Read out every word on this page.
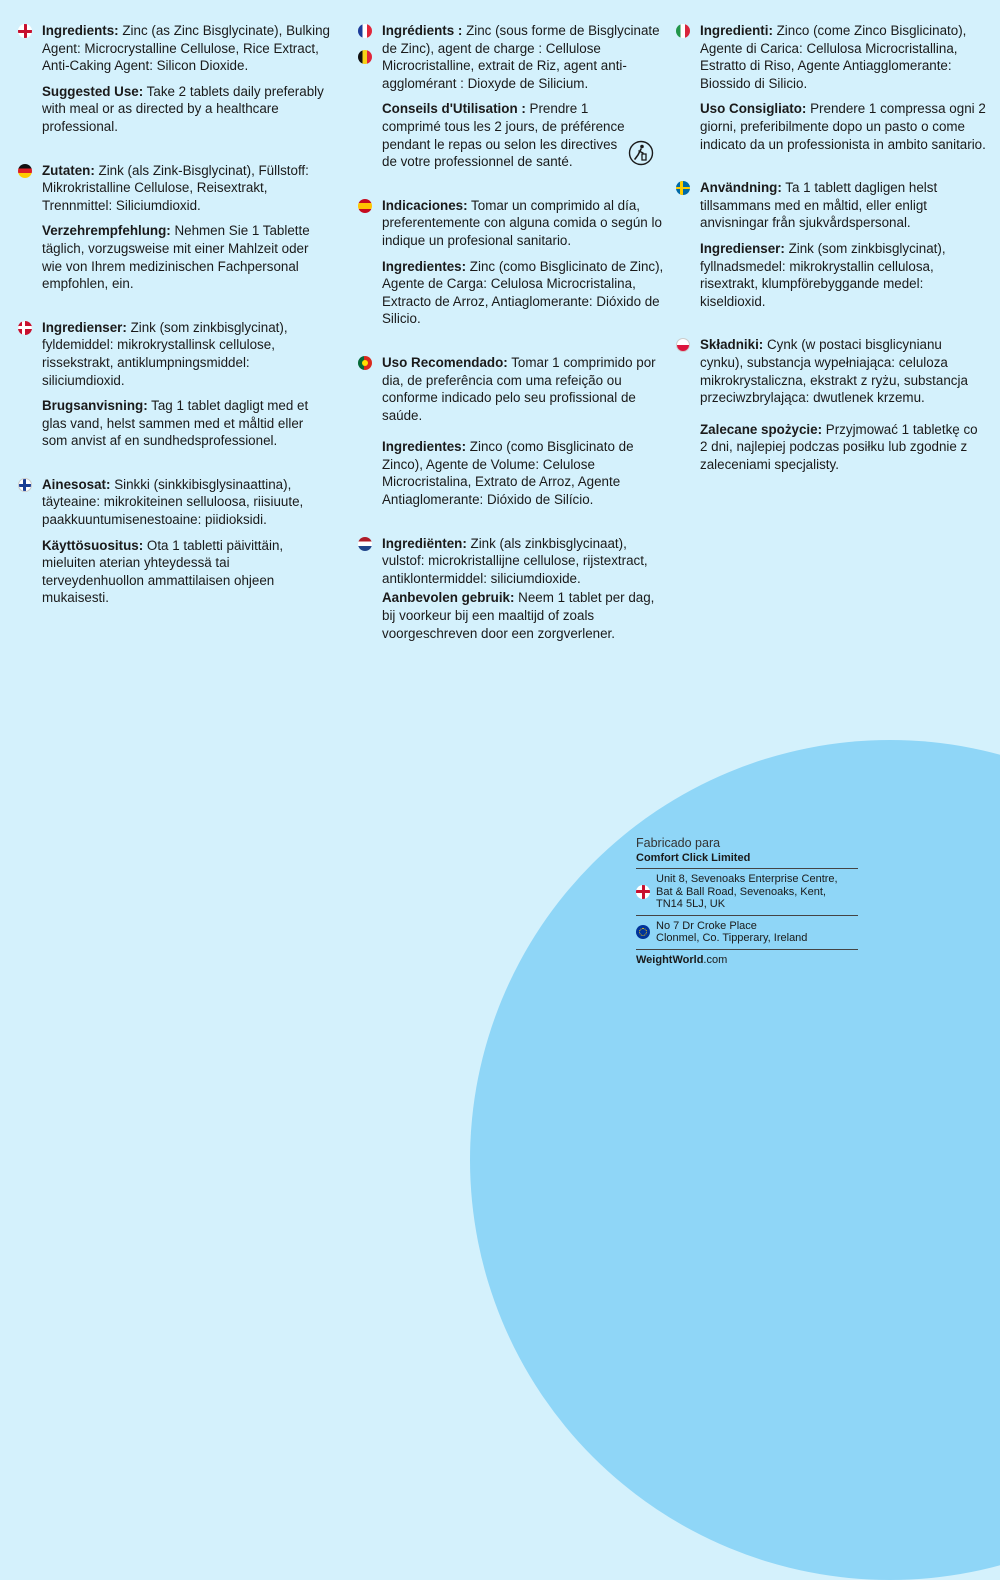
Ingredients: Zinc (as Zinc Bisglycinate), Bulking Agent: Microcrystalline Cellulose, Rice Extract, Anti-Caking Agent: Silicon Dioxide.

Suggested Use: Take 2 tablets daily preferably with meal or as directed by a healthcare professional.

Zutaten: Zink (als Zink-Bisglycinat), Füllstoff: Mikrokristalline Cellulose, Reisextrakt, Trennmittel: Siliciumdioxid.

Verzehrempfehlung: Nehmen Sie 1 Tablette täglich, vorzugsweise mit einer Mahlzeit oder wie von Ihrem medizinischen Fachpersonal empfohlen, ein.

Ingredienser: Zink (som zinkbisglycinat), fyldemiddel: mikrokrystallinsk cellulose, rissekstrakt, antiklumpningsmiddel: siliciumdioxid.

Brugsanvisning: Tag 1 tablet dagligt med et glas vand, helst sammen med et måltid eller som anvist af en sundhedsprofessionel.

Ainesosat: Sinkki (sinkkibisglysinaattina), täyteaine: mikrokiteinen selluloosa, riisiuute, paakkuuntumisenestoaine: piidioksidi.

Käyttösuositus: Ota 1 tabletti päivittäin, mieluiten aterian yhteydessä tai terveydenhuollon ammattilaisen ohjeen mukaisesti.

Ingrédients : Zinc (sous forme de Bisglycinate de Zinc), agent de charge : Cellulose Microcristalline, extrait de Riz, agent anti-agglomérant : Dioxyde de Silicium.

Conseils d'Utilisation : Prendre 1 comprimé tous les 2 jours, de préférence pendant le repas ou selon les directives de votre professionnel de santé.

Indicaciones: Tomar un comprimido al día, preferentemente con alguna comida o según lo indique un profesional sanitario.

Ingredientes: Zinc (como Bisglicinato de Zinc), Agente de Carga: Celulosa Microcristalina, Extracto de Arroz, Antiaglomerante: Dióxido de Silicio.

Uso Recomendado: Tomar 1 comprimido por dia, de preferência com uma refeição ou conforme indicado pelo seu profissional de saúde.

Ingredientes: Zinco (como Bisglicinato de Zinco), Agente de Volume: Celulose Microcristalina, Extrato de Arroz, Agente Antiaglomerante: Dióxido de Silício.

Ingrediënten: Zink (als zinkbisglycinaat), vulstof: microkristallijne cellulose, rijstextract, antiklontermiddel: siliciumdioxide.

Aanbevolen gebruik: Neem 1 tablet per dag, bij voorkeur bij een maaltijd of zoals voorgeschreven door een zorgverlener.

Ingredienti: Zinco (come Zinco Bisglicinato), Agente di Carica: Cellulosa Microcristallina, Estratto di Riso, Agente Antiagglomerante: Biossido di Silicio.

Uso Consigliato: Prendere 1 compressa ogni 2 giorni, preferibilmente dopo un pasto o come indicato da un professionista in ambito sanitario.

Användning: Ta 1 tablett dagligen helst tillsammans med en måltid, eller enligt anvisningar från sjukvårdspersonal.

Ingredienser: Zink (som zinkbisglycinat), fyllnadsmedel: mikrokrystallin cellulosa, risextrakt, klumpförebyggande medel: kiseldioxid.

Składniki: Cynk (w postaci bisglicynianu cynku), substancja wypełniająca: celuloza mikrokrystaliczna, ekstrakt z ryżu, substancja przeciwzbrylająca: dwutlenek krzemu.

Zalecane spożycie: Przyjmować 1 tabletkę co 2 dni, najlepiej podczas posiłku lub zgodnie z zaleceniami specjalisty.

Fabricado para
Comfort Click Limited
Unit 8, Sevenoaks Enterprise Centre,
Bat & Ball Road, Sevenoaks, Kent,
TN14 5LJ, UK
No 7 Dr Croke Place
Clonmel, Co. Tipperary, Ireland
WeightWorld.com
